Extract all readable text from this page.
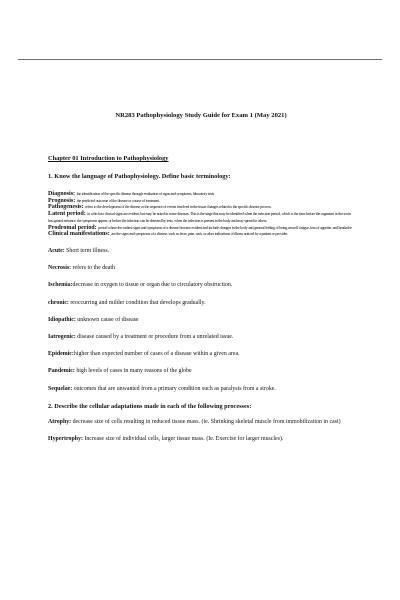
NR283 Pathophysiology Study Guide for Exam 1 (May 2021)
Chapter 01 Introduction to Pathophysiology
1. Know the language of Pathophysiology. Define basic terminology:

Diagnosis: the identification of the specific disease through evaluation of signs and symptoms, laboratory tests

Prognosis: the predicted outcome of the disease or course of treatment.

Pathogenesis: refers to the development of the disease or the sequence of events involved in the tissue changes related to the specific disease process.

Latent period: in which no clinical signs are evident, but may be noted in some diseases. This is the stage that may be identified when the infection period, which is the time before the organism or the toxin has gained entrance, the symptoms appear, or before the infection can be detected by tests, when the infection is present in the body and may spread to others.

Prodromal period: period where the earliest signs and symptoms of a disease become evident and include changes in the body and general feeling of being unwell, fatigue, loss of appetite, and headache

Clinical manifestations: are the signs and symptoms of a disease, such as fever, pain, rash, or other indications of illness noticed by a patient or provider.

Acute: Short term illness.

Necrosis: refers to the death

Ischemia:decrease in oxygen to tissue or organ due to circulatory obstruction.

chronic: reoccurring and milder condition that develops gradually.

Idiopathic: unknown cause of disease

Iatrogenic: disease caused by a treatment or procedure from a unrelated issue.

Epidemic:higher than expected number of cases of a disease within a given area.

Pandemic: high levels of cases in many reasons of the globe

Sequelae: outcomes that are unwanted from a primary condition such as paralysis from a stroke.

2. Describe the cellular adaptations made in each of the following processes:

Atrophy: decrease size of cells resulting in reduced tissue mass. (ie. Shrinking skeletal muscle from immobilization in cast)

Hypertrophy: Increase size of individual cells, larger tissue mass. (Ie. Exercise for larger muscles).
